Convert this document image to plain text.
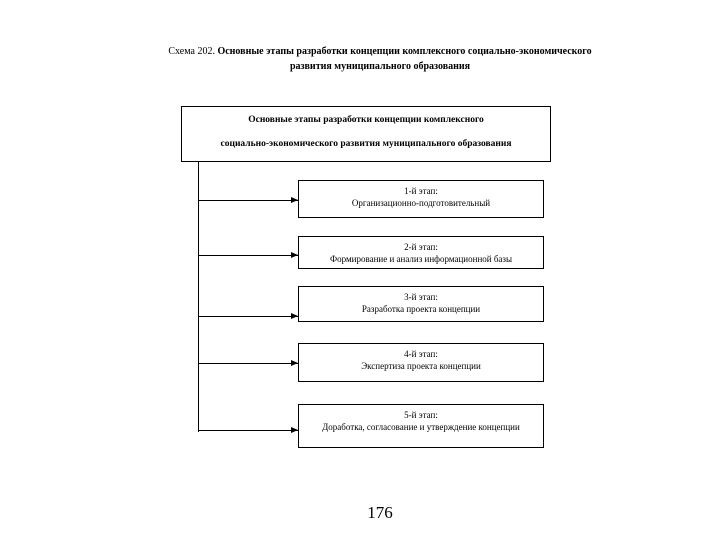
Схема 202. Основные этапы разработки концепции комплексного социально-экономического развития муниципального образования
Основные этапы разработки концепции комплексного
социально-экономического развития муниципального образования
1-й этап:
Организационно-подготовительный
2-й этап:
Формирование и анализ информационной базы
3-й этап:
Разработка проекта концепции
4-й этап:
Экспертиза проекта концепции
5-й этап:
Доработка, согласование и утверждение концепции
176
